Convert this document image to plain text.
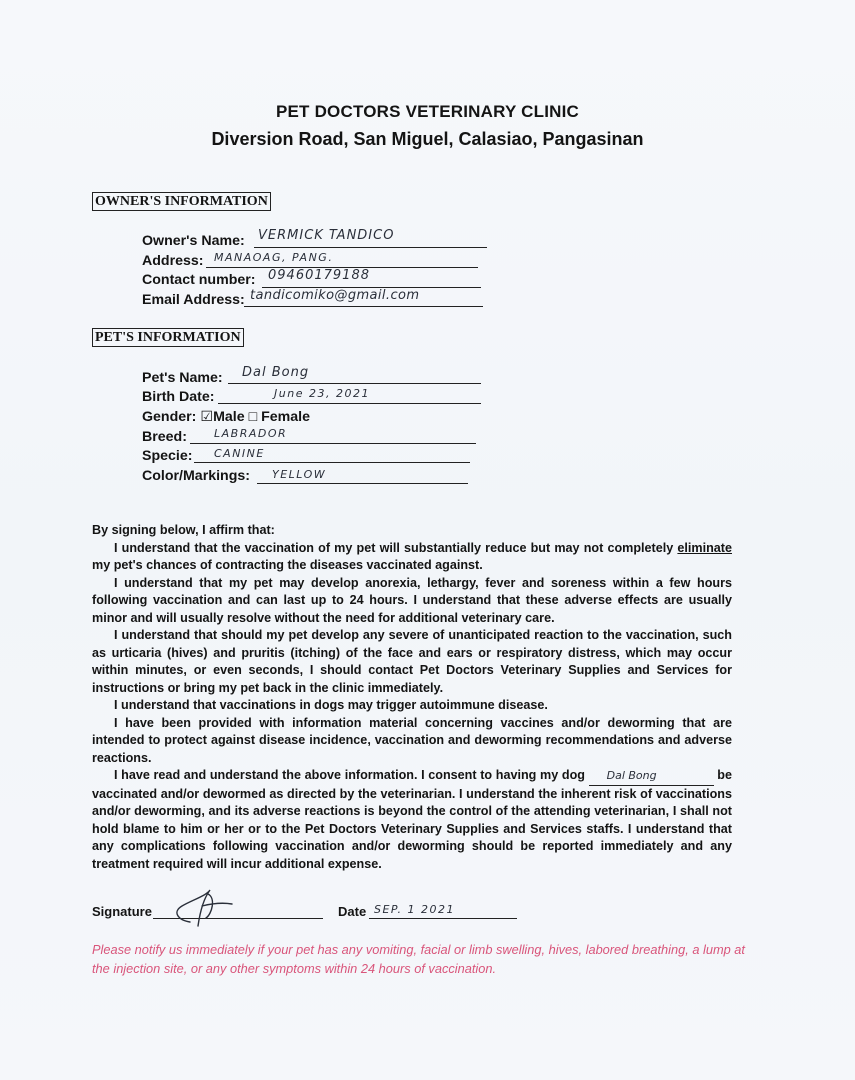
PET DOCTORS VETERINARY CLINIC
Diversion Road, San Miguel, Calasiao, Pangasinan
OWNER'S INFORMATION
Owner's Name: VERMICK TANDICO
Address: MANAOAG, PANG.
Contact number: 09460179188
Email Address: tandicomiko@gmail.com
PET'S INFORMATION
Pet's Name: Dal Bong
Birth Date:	June 23, 2021
Gender: ☑Male □ Female
Breed: LABRADOR
Specie: CANINE
Color/Markings: YELLOW

By signing below, I affirm that:

I understand that the vaccination of my pet will substantially reduce but may not completely eliminate my pet's chances of contracting the diseases vaccinated against.

I understand that my pet may develop anorexia, lethargy, fever and soreness within a few hours following vaccination and can last up to 24 hours. I understand that these adverse effects are usually minor and will usually resolve without the need for additional veterinary care.

I understand that should my pet develop any severe of unanticipated reaction to the vaccination, such as urticaria (hives) and pruritis (itching) of the face and ears or respiratory distress, which may occur within minutes, or even seconds, I should contact Pet Doctors Veterinary Supplies and Services for instructions or bring my pet back in the clinic immediately.

I understand that vaccinations in dogs may trigger autoimmune disease.

I have been provided with information material concerning vaccines and/or deworming that are intended to protect against disease incidence, vaccination and deworming recommendations and adverse reactions.

I have read and understand the above information. I consent to having my dog Dal Bong	be vaccinated and/or dewormed as directed by the veterinarian. I understand the inherent risk of vaccinations and/or deworming, and its adverse reactions is beyond the control of the attending veterinarian, I shall not hold blame to him or her or to the Pet Doctors Veterinary Supplies and Services staffs. I understand that any complications following vaccination and/or deworming should be reported immediately and any treatment required will incur additional expense.

Signature	Date SEP. 1 2021
Please notify us immediately if your pet has any vomiting, facial or limb swelling, hives, labored breathing, a lump at the injection site, or any other symptoms within 24 hours of vaccination.
